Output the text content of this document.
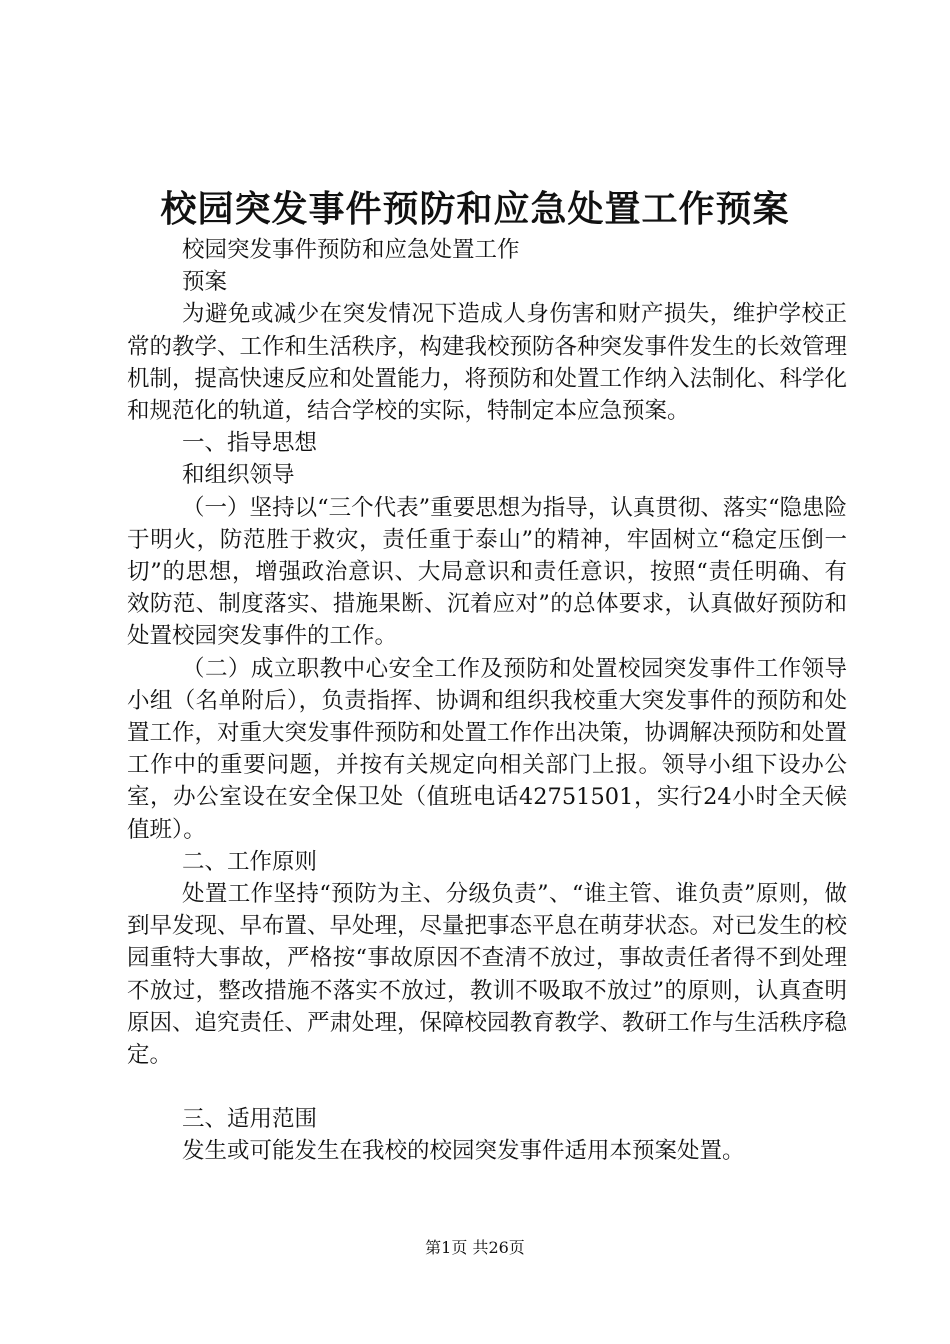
校园突发事件预防和应急处置工作预案

校园突发事件预防和应急处置工作

预案

为避免或减少在突发情况下造成人身伤害和财产损失，维护学校正常的教学、工作和生活秩序，构建我校预防各种突发事件发生的长效管理机制，提高快速反应和处置能力，将预防和处置工作纳入法制化、科学化和规范化的轨道，结合学校的实际，特制定本应急预案。

一、指导思想

和组织领导

（一）坚持以“三个代表”重要思想为指导，认真贯彻、落实“隐患险于明火，防范胜于救灾，责任重于泰山”的精神，牢固树立“稳定压倒一切”的思想，增强政治意识、大局意识和责任意识，按照“责任明确、有效防范、制度落实、措施果断、沉着应对”的总体要求，认真做好预防和处置校园突发事件的工作。

（二）成立职教中心安全工作及预防和处置校园突发事件工作领导小组（名单附后），负责指挥、协调和组织我校重大突发事件的预防和处置工作，对重大突发事件预防和处置工作作出决策，协调解决预防和处置工作中的重要问题，并按有关规定向相关部门上报。领导小组下设办公室，办公室设在安全保卫处（值班电话42751501，实行24小时全天候值班）。

二、工作原则

处置工作坚持“预防为主、分级负责”、“谁主管、谁负责”原则，做到早发现、早布置、早处理，尽量把事态平息在萌芽状态。对已发生的校园重特大事故，严格按“事故原因不查清不放过，事故责任者得不到处理不放过，整改措施不落实不放过，教训不吸取不放过”的原则，认真查明原因、追究责任、严肃处理，保障校园教育教学、教研工作与生活秩序稳定。

三、适用范围

发生或可能发生在我校的校园突发事件适用本预案处置。

第1页 共26页
